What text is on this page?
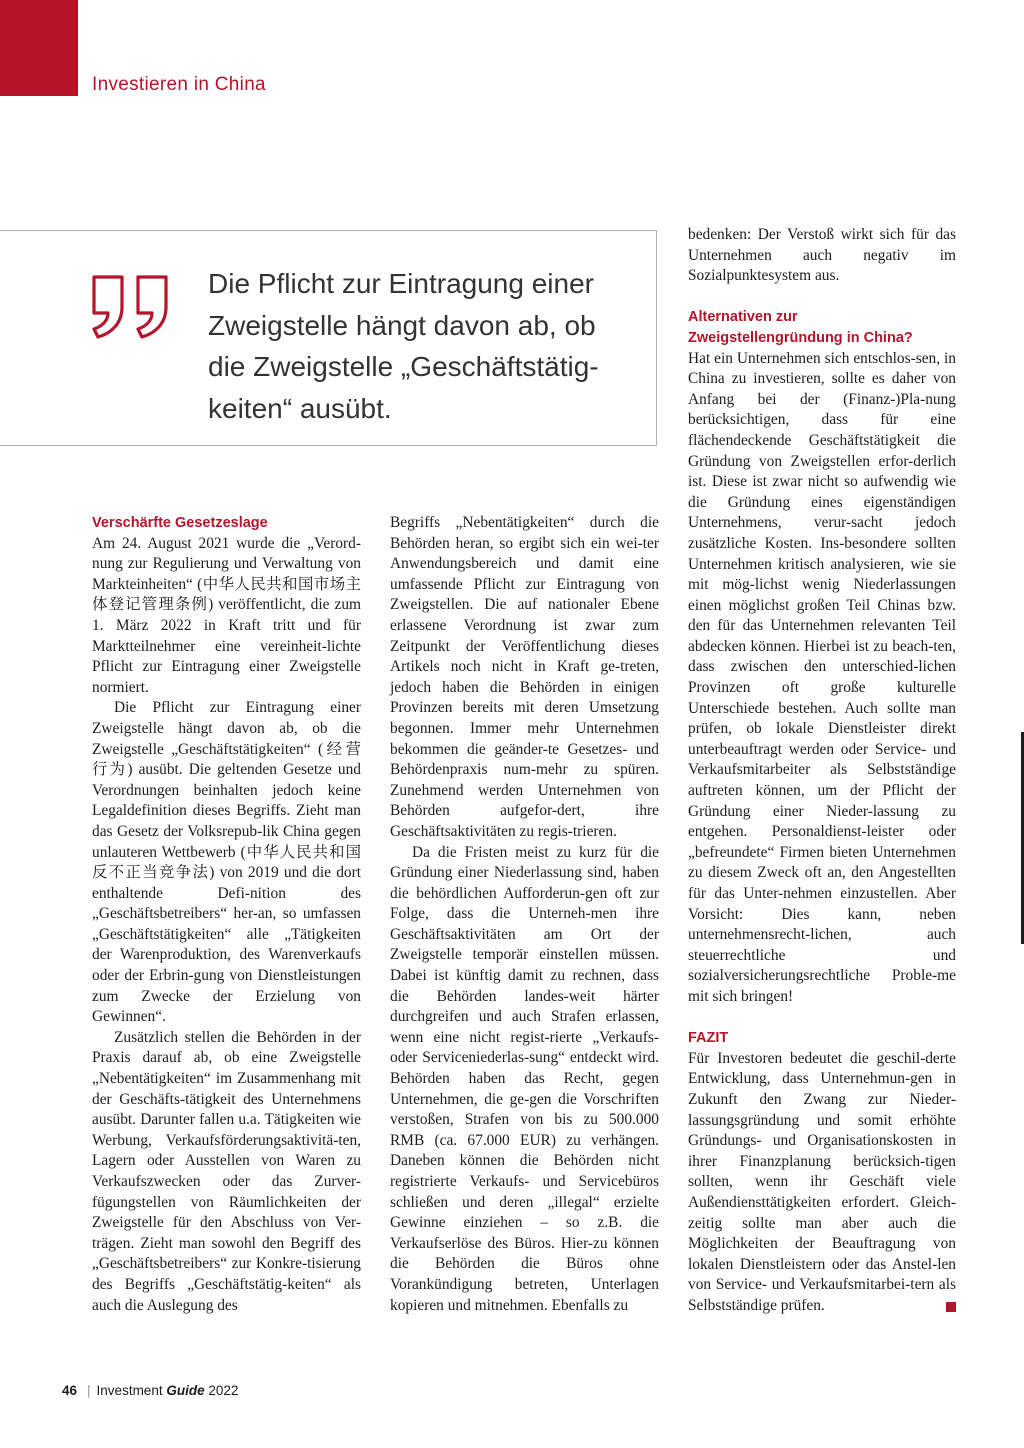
Investieren in China

Die Pflicht zur Eintragung einer Zweigstelle hängt davon ab, ob die Zweigstelle „Geschäftstätig-keiten“ ausübt.

Verschärfte Gesetzeslage

Am 24. August 2021 wurde die „Verord-nung zur Regulierung und Verwaltung von Markteinheiten“ (中华人民共和国市场主体登记管理条例) veröffentlicht, die zum 1. März 2022 in Kraft tritt und für Marktteilnehmer eine vereinheit-lichte Pflicht zur Eintragung einer Zweigstelle normiert.

Die Pflicht zur Eintragung einer Zweigstelle hängt davon ab, ob die Zweigstelle „Geschäftstätigkeiten“ (经营行为) ausübt. Die geltenden Gesetze und Verordnungen beinhalten jedoch keine Legaldefinition dieses Begriffs. Zieht man das Gesetz der Volksrepub-lik China gegen unlauteren Wettbewerb (中华人民共和国反不正当竞争法) von 2019 und die dort enthaltende Defi-nition des „Geschäftsbetreibers“ her-an, so umfassen „Geschäftstätigkeiten“ alle „Tätigkeiten der Warenproduktion, des Warenverkaufs oder der Erbrin-gung von Dienstleistungen zum Zwecke der Erzielung von Gewinnen“.

Zusätzlich stellen die Behörden in der Praxis darauf ab, ob eine Zweigstelle „Nebentätigkeiten“ im Zusammenhang mit der Geschäfts-tätigkeit des Unternehmens ausübt. Darunter fallen u.a. Tätigkeiten wie Werbung, Verkaufsförderungsaktivitä-ten, Lagern oder Ausstellen von Waren zu Verkaufszwecken oder das Zurver-fügungstellen von Räumlichkeiten der Zweigstelle für den Abschluss von Ver-trägen. Zieht man sowohl den Begriff des „Geschäftsbetreibers“ zur Konkre-tisierung des Begriffs „Geschäftstätig-keiten“ als auch die Auslegung des

Begriffs „Nebentätigkeiten“ durch die Behörden heran, so ergibt sich ein wei-ter Anwendungsbereich und damit eine umfassende Pflicht zur Eintragung von Zweigstellen. Die auf nationaler Ebene erlassene Verordnung ist zwar zum Zeitpunkt der Veröffentlichung dieses Artikels noch nicht in Kraft ge-treten, jedoch haben die Behörden in einigen Provinzen bereits mit deren Umsetzung begonnen. Immer mehr Unternehmen bekommen die geänder-te Gesetzes- und Behördenpraxis num-mehr zu spüren. Zunehmend werden Unternehmen von Behörden aufgefor-dert, ihre Geschäftsaktivitäten zu regis-trieren.

Da die Fristen meist zu kurz für die Gründung einer Niederlassung sind, haben die behördlichen Aufforderun-gen oft zur Folge, dass die Unterneh-men ihre Geschäftsaktivitäten am Ort der Zweigstelle temporär einstellen müssen. Dabei ist künftig damit zu rechnen, dass die Behörden landes-weit härter durchgreifen und auch Strafen erlassen, wenn eine nicht regist-rierte „Verkaufs- oder Serviceniederlas-sung“ entdeckt wird. Behörden haben das Recht, gegen Unternehmen, die ge-gen die Vorschriften verstoßen, Strafen von bis zu 500.000 RMB (ca. 67.000 EUR) zu verhängen. Daneben können die Behörden nicht registrierte Verkaufs- und Servicebüros schließen und deren „illegal“ erzielte Gewinne einziehen – so z.B. die Verkaufserlöse des Büros. Hier-zu können die Behörden die Büros ohne Vorankündigung betreten, Unterlagen kopieren und mitnehmen. Ebenfalls zu

bedenken: Der Verstoß wirkt sich für das Unternehmen auch negativ im Sozialpunktesystem aus.

Alternativen zur Zweigstellengründung in China?

Hat ein Unternehmen sich entschlos-sen, in China zu investieren, sollte es daher von Anfang bei der (Finanz-)Pla-nung berücksichtigen, dass für eine flächendeckende Geschäftstätigkeit die Gründung von Zweigstellen erfor-derlich ist. Diese ist zwar nicht so aufwendig wie die Gründung eines eigenständigen Unternehmens, verur-sacht jedoch zusätzliche Kosten. Ins-besondere sollten Unternehmen kritisch analysieren, wie sie mit mög-lichst wenig Niederlassungen einen möglichst großen Teil Chinas bzw. den für das Unternehmen relevanten Teil abdecken können. Hierbei ist zu beach-ten, dass zwischen den unterschied-lichen Provinzen oft große kulturelle Unterschiede bestehen. Auch sollte man prüfen, ob lokale Dienstleister direkt unterbeauftragt werden oder Service- und Verkaufsmitarbeiter als Selbstständige auftreten können, um der Pflicht der Gründung einer Nieder-lassung zu entgehen. Personaldienst-leister oder „befreundete“ Firmen bieten Unternehmen zu diesem Zweck oft an, den Angestellten für das Unter-nehmen einzustellen. Aber Vorsicht: Dies kann, neben unternehmensrecht-lichen, auch steuerrechtliche und sozialversicherungsrechtliche Proble-me mit sich bringen!

FAZIT

Für Investoren bedeutet die geschil-derte Entwicklung, dass Unternehmun-gen in Zukunft den Zwang zur Nieder-lassungsgründung und somit erhöhte Gründungs- und Organisationskosten in ihrer Finanzplanung berücksich-tigen sollten, wenn ihr Geschäft viele Außendiensttätigkeiten erfordert. Gleich-zeitig sollte man aber auch die Möglichkeiten der Beauftragung von lokalen Dienstleistern oder das Anstel-len von Service- und Verkaufsmitarbei-tern als Selbstständige prüfen.

46 | Investment Guide 2022
